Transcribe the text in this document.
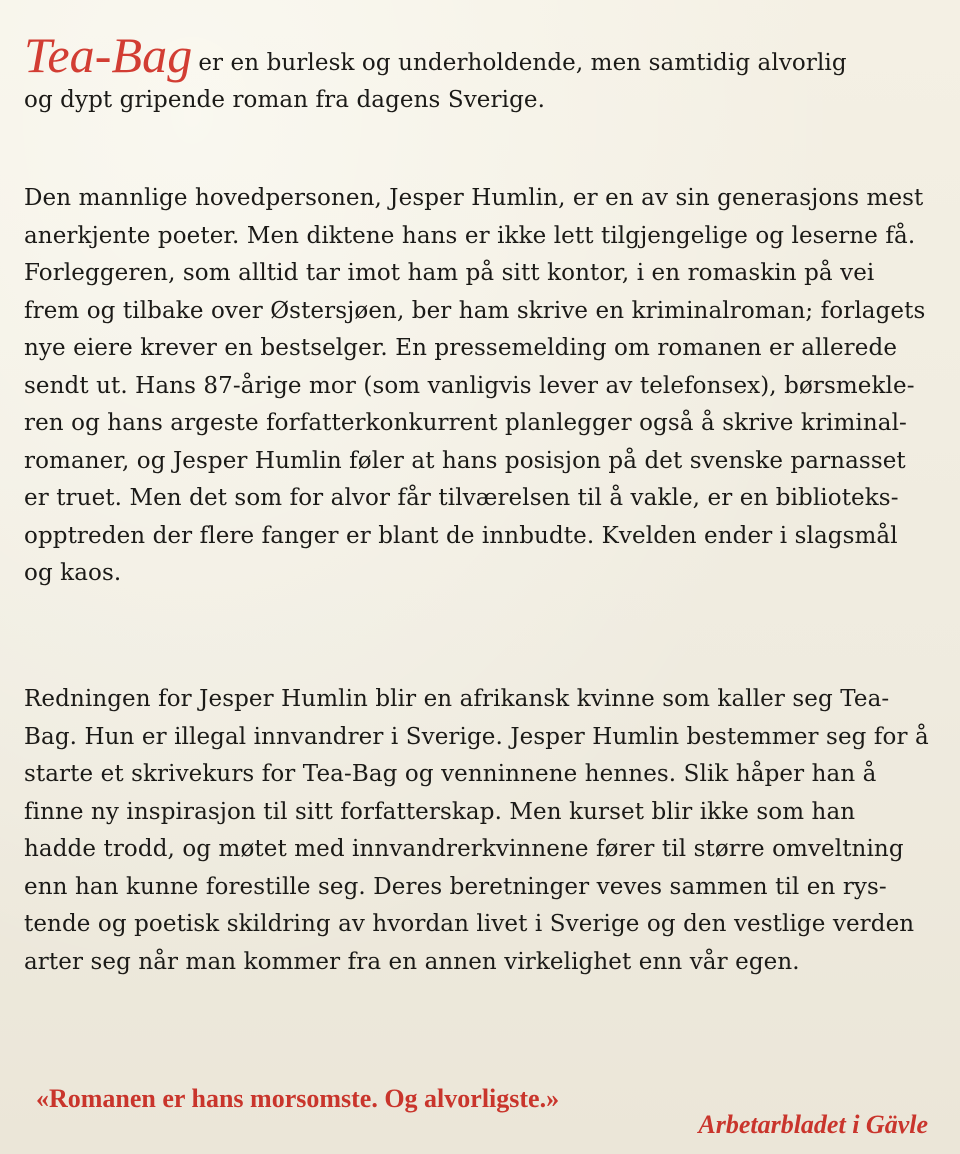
Tea-Bag er en burlesk og underholdende, men samtidig alvorlig
og dypt gripende roman fra dagens Sverige.
Den mannlige hovedpersonen, Jesper Humlin, er en av sin generasjons mest
anerkjente poeter. Men diktene hans er ikke lett tilgjengelige og leserne få.
Forleggeren, som alltid tar imot ham på sitt kontor, i en romaskin på vei
frem og tilbake over Østersjøen, ber ham skrive en kriminalroman; forlagets
nye eiere krever en bestselger. En pressemelding om romanen er allerede
sendt ut. Hans 87-årige mor (som vanligvis lever av telefonsex), børsmekle-
ren og hans argeste forfatterkonkurrent planlegger også å skrive kriminal-
romaner, og Jesper Humlin føler at hans posisjon på det svenske parnasset
er truet. Men det som for alvor får tilværelsen til å vakle, er en biblioteks-
opptreden der flere fanger er blant de innbudte. Kvelden ender i slagsmål
og kaos.
Redningen for Jesper Humlin blir en afrikansk kvinne som kaller seg Tea-
Bag. Hun er illegal innvandrer i Sverige. Jesper Humlin bestemmer seg for å
starte et skrivekurs for Tea-Bag og venninnene hennes. Slik håper han å
finne ny inspirasjon til sitt forfatterskap. Men kurset blir ikke som han
hadde trodd, og møtet med innvandrerkvinnene fører til større omveltning
enn han kunne forestille seg. Deres beretninger veves sammen til en rys-
tende og poetisk skildring av hvordan livet i Sverige og den vestlige verden
arter seg når man kommer fra en annen virkelighet enn vår egen.
«Romanen er hans morsomste. Og alvorligste.»
Arbetarbladet i Gävle
